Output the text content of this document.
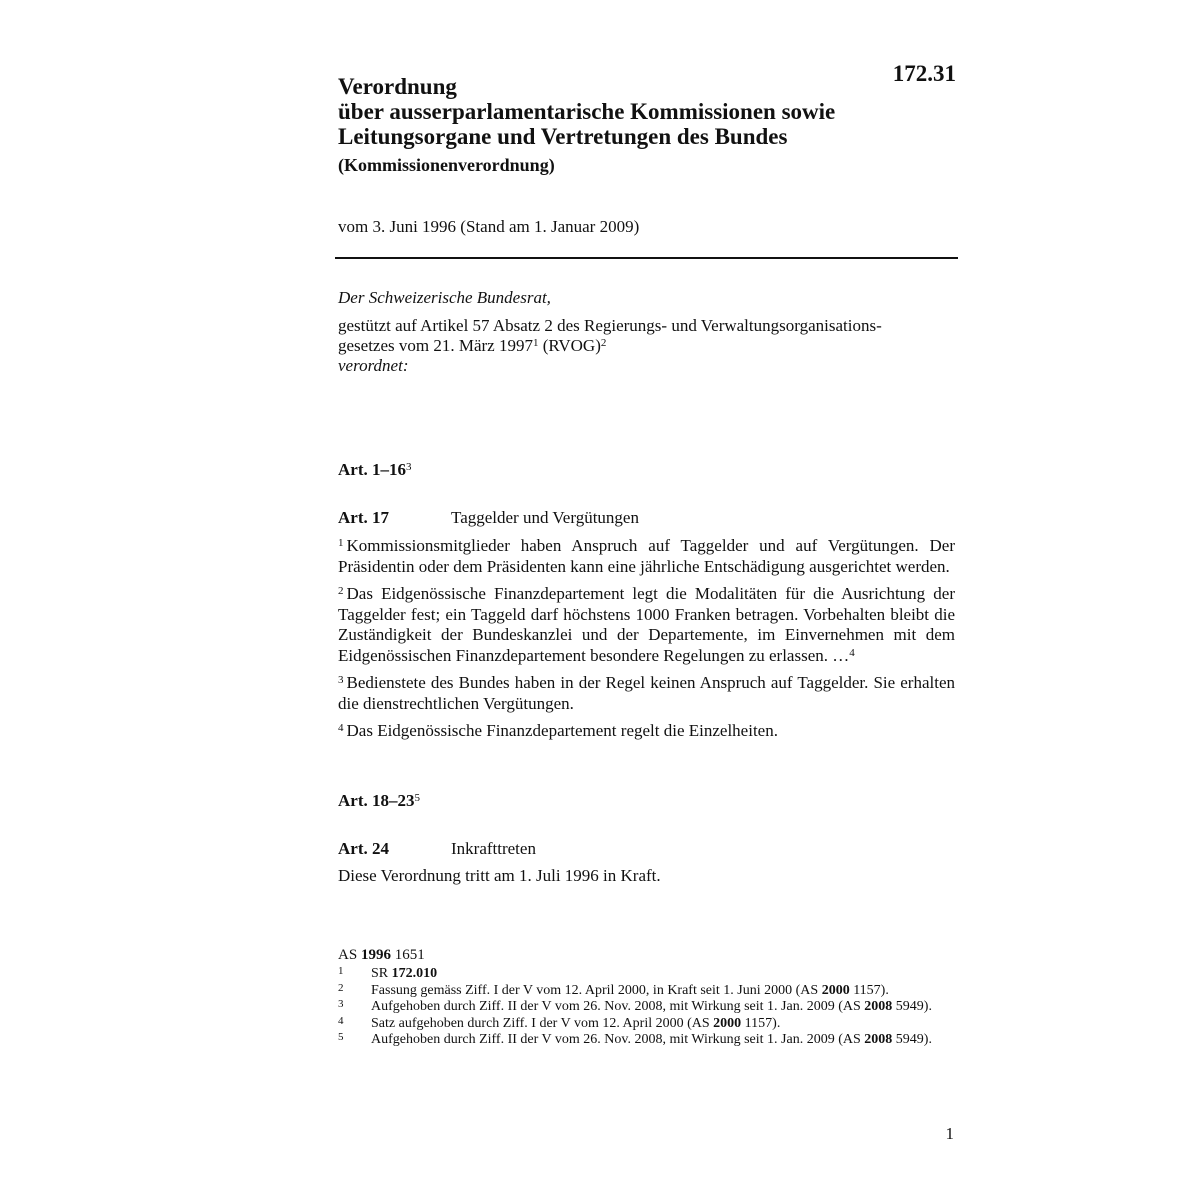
172.31
Verordnung
über ausserparlamentarische Kommissionen sowie
Leitungsorgane und Vertretungen des Bundes
(Kommissionenverordnung)
vom 3. Juni 1996 (Stand am 1. Januar 2009)
Der Schweizerische Bundesrat,
gestützt auf Artikel 57 Absatz 2 des Regierungs- und Verwaltungsorganisations-
gesetzes vom 21. März 1997$^1$ (RVOG)$^2$
verordnet:
Art. 1–16$^3$
Art. 17	Taggelder und Vergütungen

$^1$ Kommissionsmitglieder haben Anspruch auf Taggelder und auf Vergütungen. Der Präsidentin oder dem Präsidenten kann eine jährliche Entschädigung ausgerichtet werden.

$^2$ Das Eidgenössische Finanzdepartement legt die Modalitäten für die Ausrichtung der Taggelder fest; ein Taggeld darf höchstens 1000 Franken betragen. Vorbehalten bleibt die Zuständigkeit der Bundeskanzlei und der Departemente, im Einvernehmen mit dem Eidgenössischen Finanzdepartement besondere Regelungen zu erlassen. …$^4$

$^3$ Bedienstete des Bundes haben in der Regel keinen Anspruch auf Taggelder. Sie erhalten die dienstrechtlichen Vergütungen.

$^4$ Das Eidgenössische Finanzdepartement regelt die Einzelheiten.

Art. 18–23$^5$
Art. 24	Inkrafttreten

Diese Verordnung tritt am 1. Juli 1996 in Kraft.

AS 1996 1651
1 SR 172.010
2 Fassung gemäss Ziff. I der V vom 12. April 2000, in Kraft seit 1. Juni 2000 (AS 2000 1157).
3 Aufgehoben durch Ziff. II der V vom 26. Nov. 2008, mit Wirkung seit 1. Jan. 2009 (AS 2008 5949).
4 Satz aufgehoben durch Ziff. I der V vom 12. April 2000 (AS 2000 1157).
5 Aufgehoben durch Ziff. II der V vom 26. Nov. 2008, mit Wirkung seit 1. Jan. 2009 (AS 2008 5949).
1
